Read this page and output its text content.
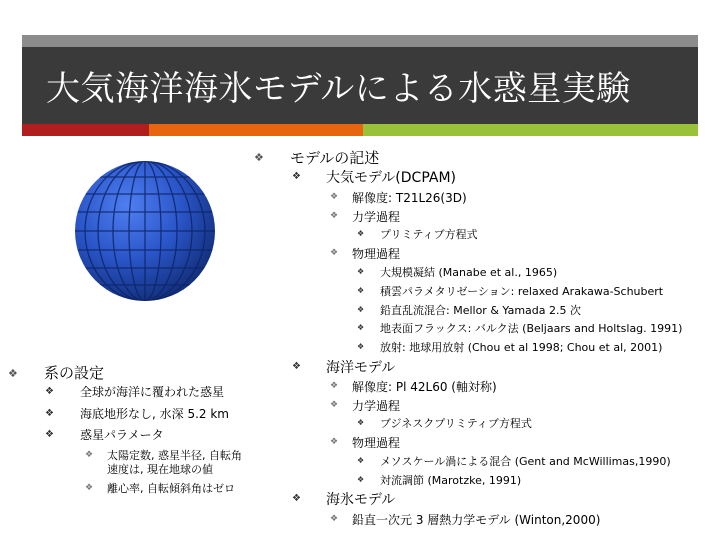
大気海洋海氷モデルによる水惑星実験
❖ モデルの記述
❖ 大気モデル(DCPAM)
❖ 解像度: T21L26(3D)
❖ 力学過程
❖ プリミティブ方程式
❖ 物理過程
❖ 大規模凝結 (Manabe et al., 1965)
❖ 積雲パラメタリゼーション: relaxed Arakawa-Schubert
❖ 鉛直乱流混合: Mellor & Yamada 2.5 次
❖ 地表面フラックス: バルク法 (Beljaars and Holtslag. 1991)
❖ 放射: 地球用放射 (Chou et al 1998; Chou et al, 2001)
❖ 海洋モデル
❖ 解像度: Pl 42L60 (軸対称)
❖ 力学過程
❖ ブジネスクプリミティブ方程式
❖ 物理過程
❖ メソスケール渦による混合 (Gent and McWillimas,1990)
❖ 対流調節 (Marotzke, 1991)
❖ 海氷モデル
❖ 鉛直一次元 3 層熱力学モデル (Winton,2000)
❖ 系の設定
❖ 全球が海洋に覆われた惑星
❖ 海底地形なし, 水深 5.2 km
❖ 惑星パラメータ
❖ 太陽定数, 惑星半径, 自転角
速度は, 現在地球の値
❖ 離心率, 自転傾斜角はゼロ
